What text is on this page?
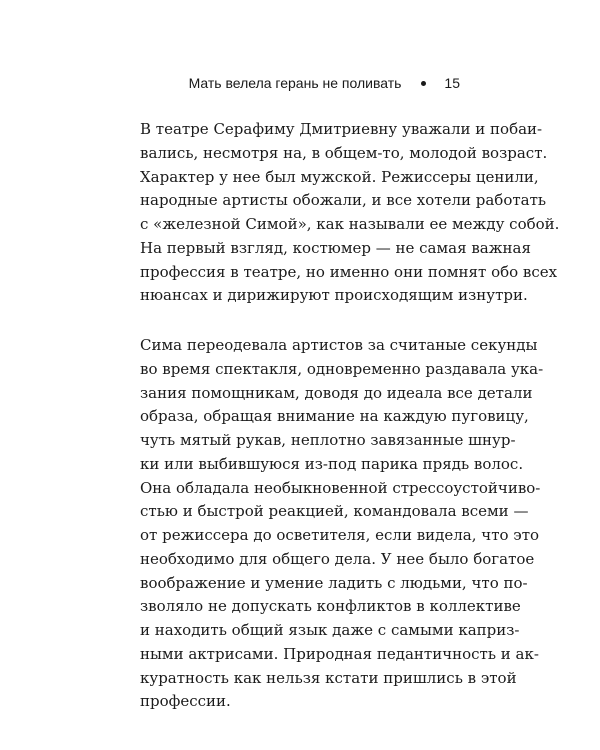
Мать велела герань не поливать	15

В театре Серафиму Дмитриевну уважали и побаи-
вались, несмотря на, в общем-то, молодой возраст.
Характер у нее был мужской. Режиссеры ценили,
народные артисты обожали, и все хотели работать
с «железной Симой», как называли ее между собой.
На первый взгляд, костюмер — не самая важная
профессия в театре, но именно они помнят обо всех
нюансах и дирижируют происходящим изнутри.

Сима переодевала артистов за считаные секунды
во время спектакля, одновременно раздавала ука-
зания помощникам, доводя до идеала все детали
образа, обращая внимание на каждую пуговицу,
чуть мятый рукав, неплотно завязанные шнур-
ки или выбившуюся из-под парика прядь волос.
Она обладала необыкновенной стрессоустойчиво-
стью и быстрой реакцией, командовала всеми —
от режиссера до осветителя, если видела, что это
необходимо для общего дела. У нее было богатое
воображение и умение ладить с людьми, что по-
зволяло не допускать конфликтов в коллективе
и находить общий язык даже с самыми каприз-
ными актрисами. Природная педантичность и ак-
куратность как нельзя кстати пришлись в этой
профессии.
